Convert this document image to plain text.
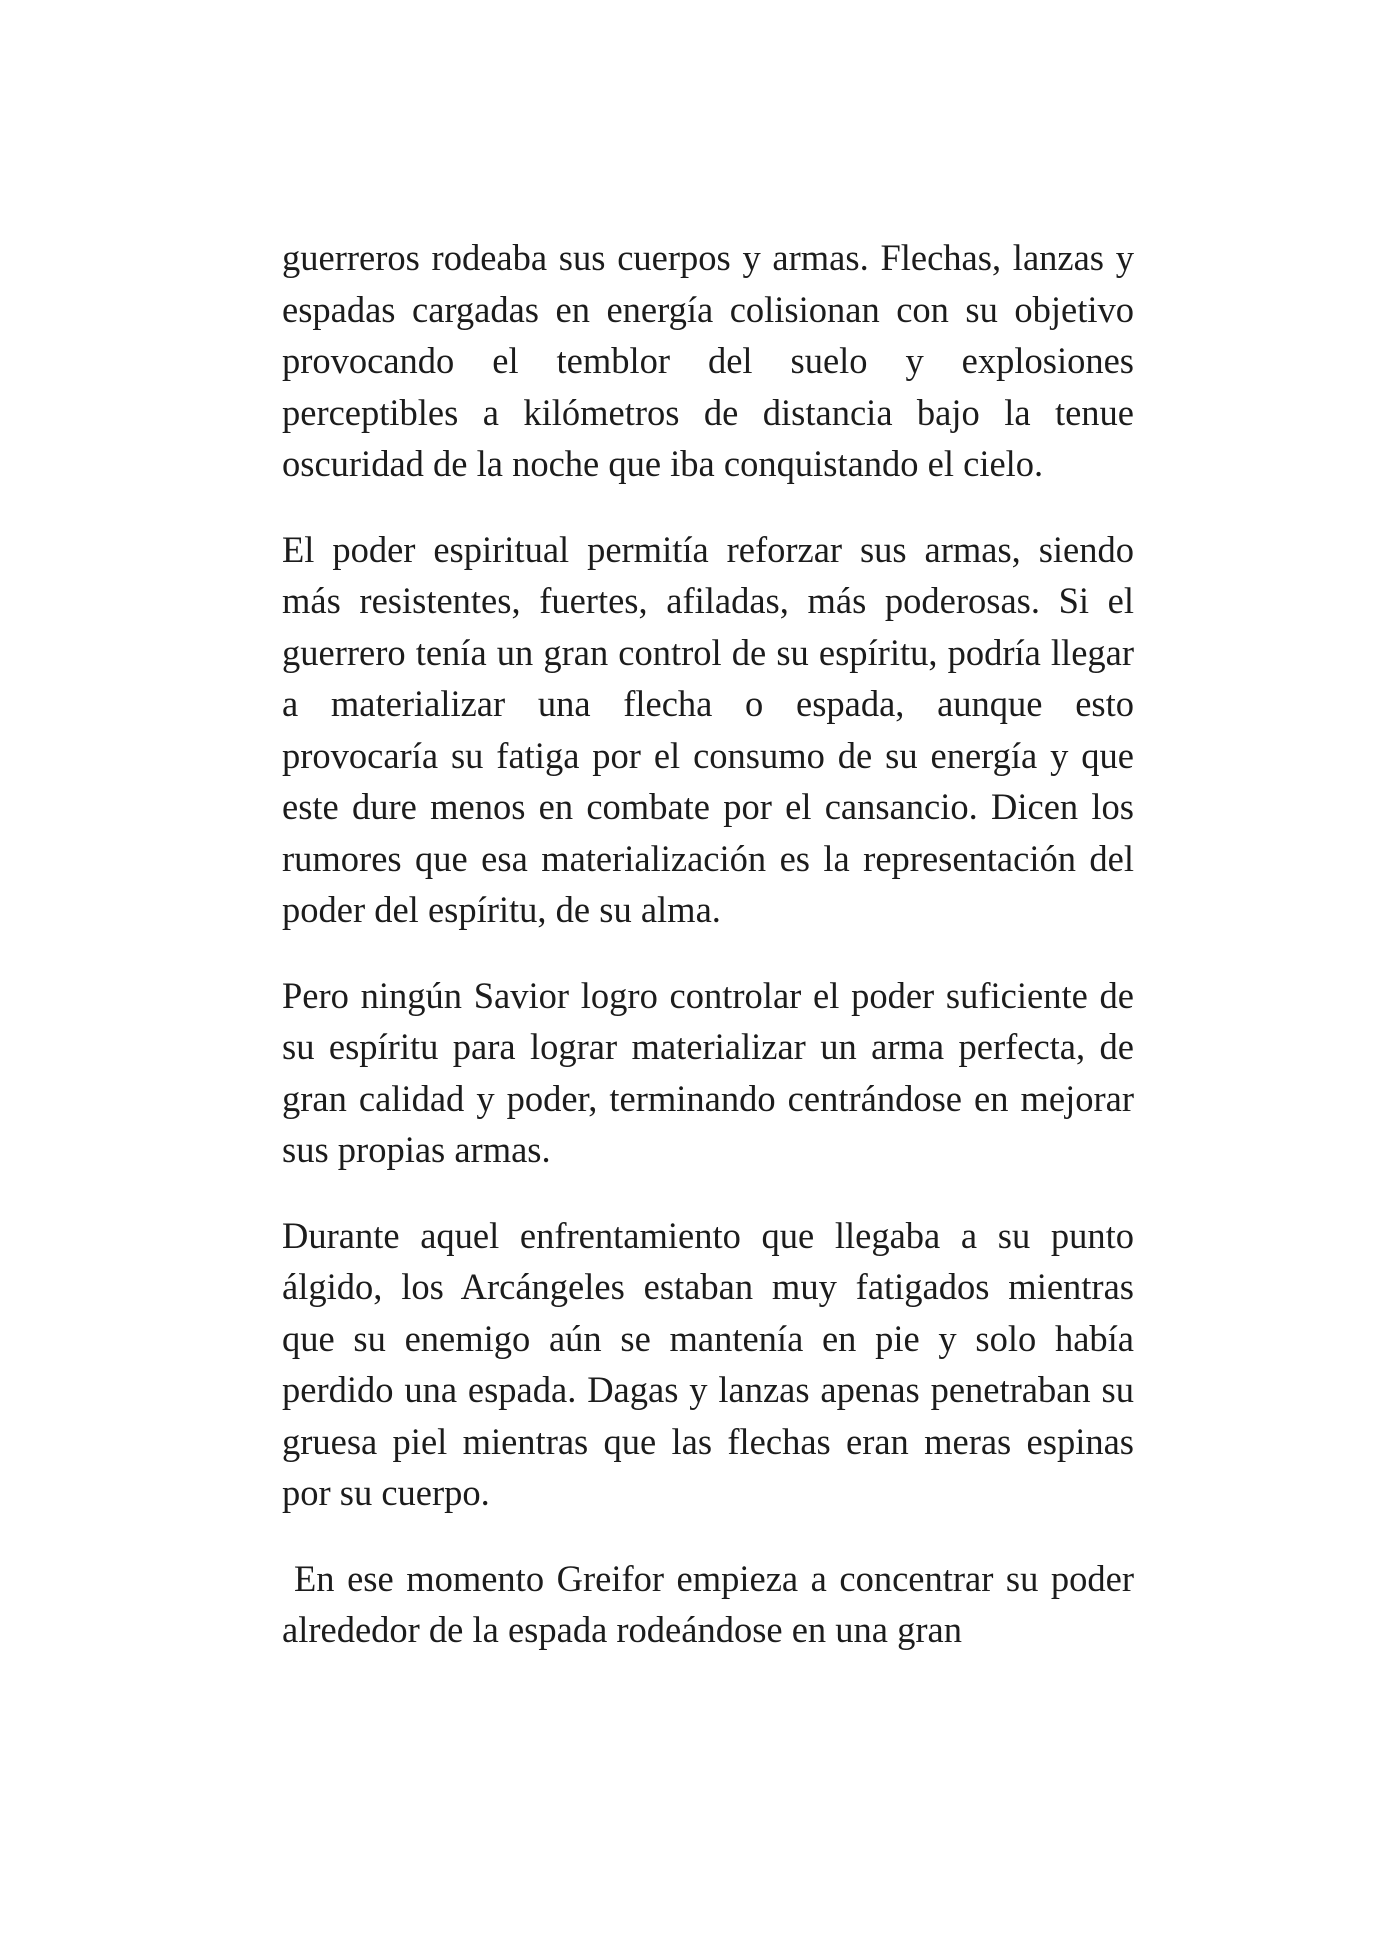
guerreros rodeaba sus cuerpos y armas. Flechas, lanzas y espadas cargadas en energía colisionan con su objetivo provocando el temblor del suelo y explosiones perceptibles a kilómetros de distancia bajo la tenue oscuridad de la noche que iba conquistando el cielo.

El poder espiritual permitía reforzar sus armas, siendo más resistentes, fuertes, afiladas, más poderosas. Si el guerrero tenía un gran control de su espíritu, podría llegar a materializar una flecha o espada, aunque esto provocaría su fatiga por el consumo de su energía y que este dure menos en combate por el cansancio. Dicen los rumores que esa materialización es la representación del poder del espíritu, de su alma.

Pero ningún Savior logro controlar el poder suficiente de su espíritu para lograr materializar un arma perfecta, de gran calidad y poder, terminando centrándose en mejorar sus propias armas.

Durante aquel enfrentamiento que llegaba a su punto álgido, los Arcángeles estaban muy fatigados mientras que su enemigo aún se mantenía en pie y solo había perdido una espada. Dagas y lanzas apenas penetraban su gruesa piel mientras que las flechas eran meras espinas por su cuerpo.

En ese momento Greifor empieza a concentrar su poder alrededor de la espada rodeándose en una gran
